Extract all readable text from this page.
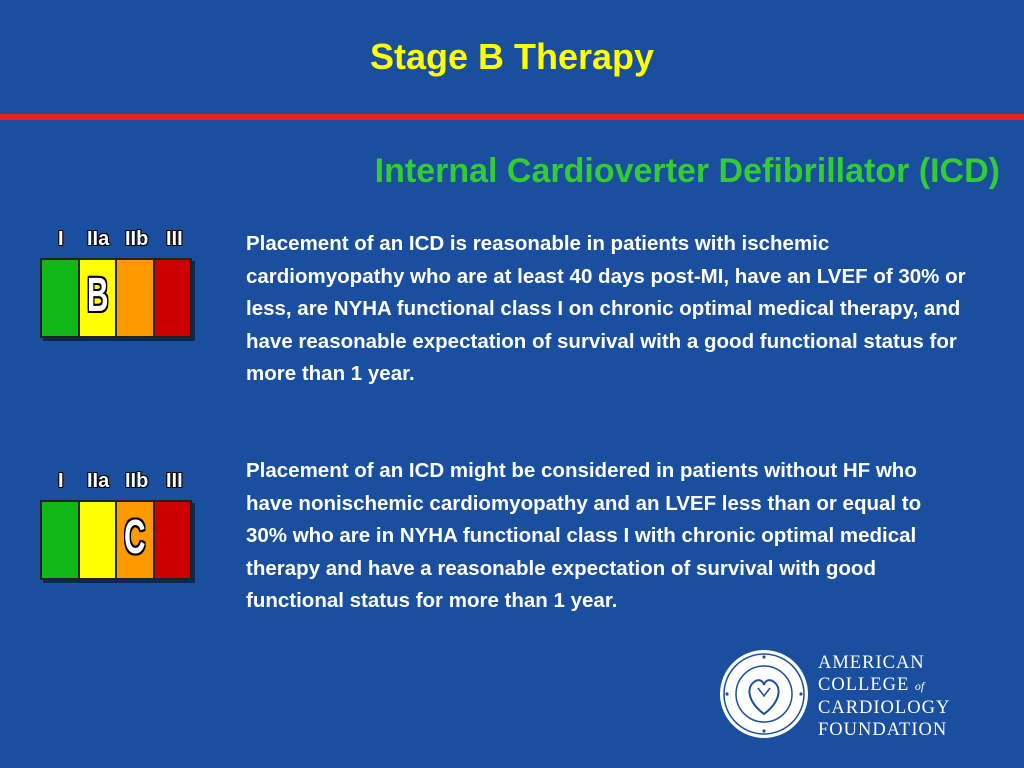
Stage B Therapy
Internal Cardioverter Defibrillator (ICD)
I IIa IIb III
B
Placement of an ICD is reasonable in patients with ischemic cardiomyopathy who are at least 40 days post-MI, have an LVEF of 30% or less, are NYHA functional class I on chronic optimal medical therapy, and have reasonable expectation of survival with a good functional status for more than 1 year.
I IIa IIb III
C
Placement of an ICD might be considered in patients without HF who have nonischemic cardiomyopathy and an LVEF less than or equal to 30% who are in NYHA functional class I with chronic optimal medical therapy and have a reasonable expectation of survival with good functional status for more than 1 year.
AMERICAN
COLLEGE of
CARDIOLOGY
FOUNDATION
